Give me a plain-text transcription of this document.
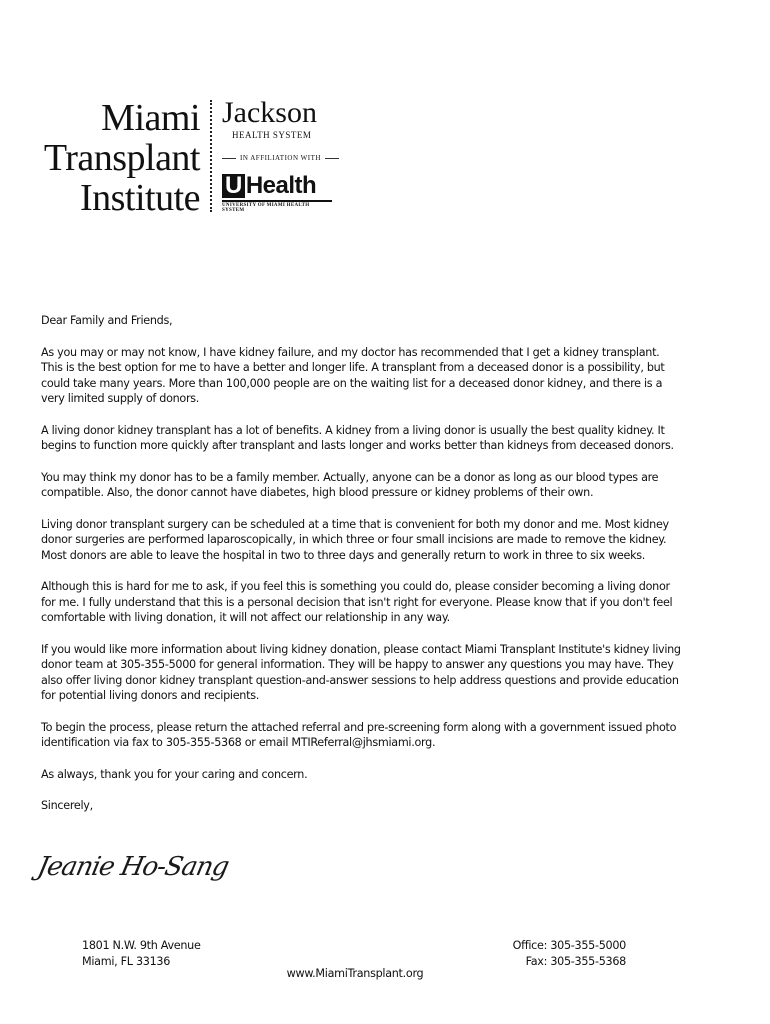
Miami
Transplant
Institute
Jackson
HEALTH SYSTEM
IN AFFILIATION WITH
U Health
UNIVERSITY OF MIAMI HEALTH SYSTEM

Dear Family and Friends,

As you may or may not know, I have kidney failure, and my doctor has recommended that I get a kidney transplant. This is the best option for me to have a better and longer life. A transplant from a deceased donor is a possibility, but could take many years. More than 100,000 people are on the waiting list for a deceased donor kidney, and there is a very limited supply of donors.

A living donor kidney transplant has a lot of benefits. A kidney from a living donor is usually the best quality kidney. It begins to function more quickly after transplant and lasts longer and works better than kidneys from deceased donors.

You may think my donor has to be a family member. Actually, anyone can be a donor as long as our blood types are compatible. Also, the donor cannot have diabetes, high blood pressure or kidney problems of their own.

Living donor transplant surgery can be scheduled at a time that is convenient for both my donor and me. Most kidney donor surgeries are performed laparoscopically, in which three or four small incisions are made to remove the kidney. Most donors are able to leave the hospital in two to three days and generally return to work in three to six weeks.

Although this is hard for me to ask, if you feel this is something you could do, please consider becoming a living donor for me. I fully understand that this is a personal decision that isn't right for everyone. Please know that if you don't feel comfortable with living donation, it will not affect our relationship in any way.

If you would like more information about living kidney donation, please contact Miami Transplant Institute's kidney living donor team at 305-355-5000 for general information. They will be happy to answer any questions you may have. They also offer living donor kidney transplant question-and-answer sessions to help address questions and provide education for potential living donors and recipients.

To begin the process, please return the attached referral and pre-screening form along with a government issued photo identification via fax to 305-355-5368 or email MTIReferral@jhsmiami.org.

As always, thank you for your caring and concern.

Sincerely,

Jeanie Ho-Sang
1801 N.W. 9th Avenue
Miami, FL 33136
Office: 305-355-5000
Fax: 305-355-5368
www.MiamiTransplant.org
